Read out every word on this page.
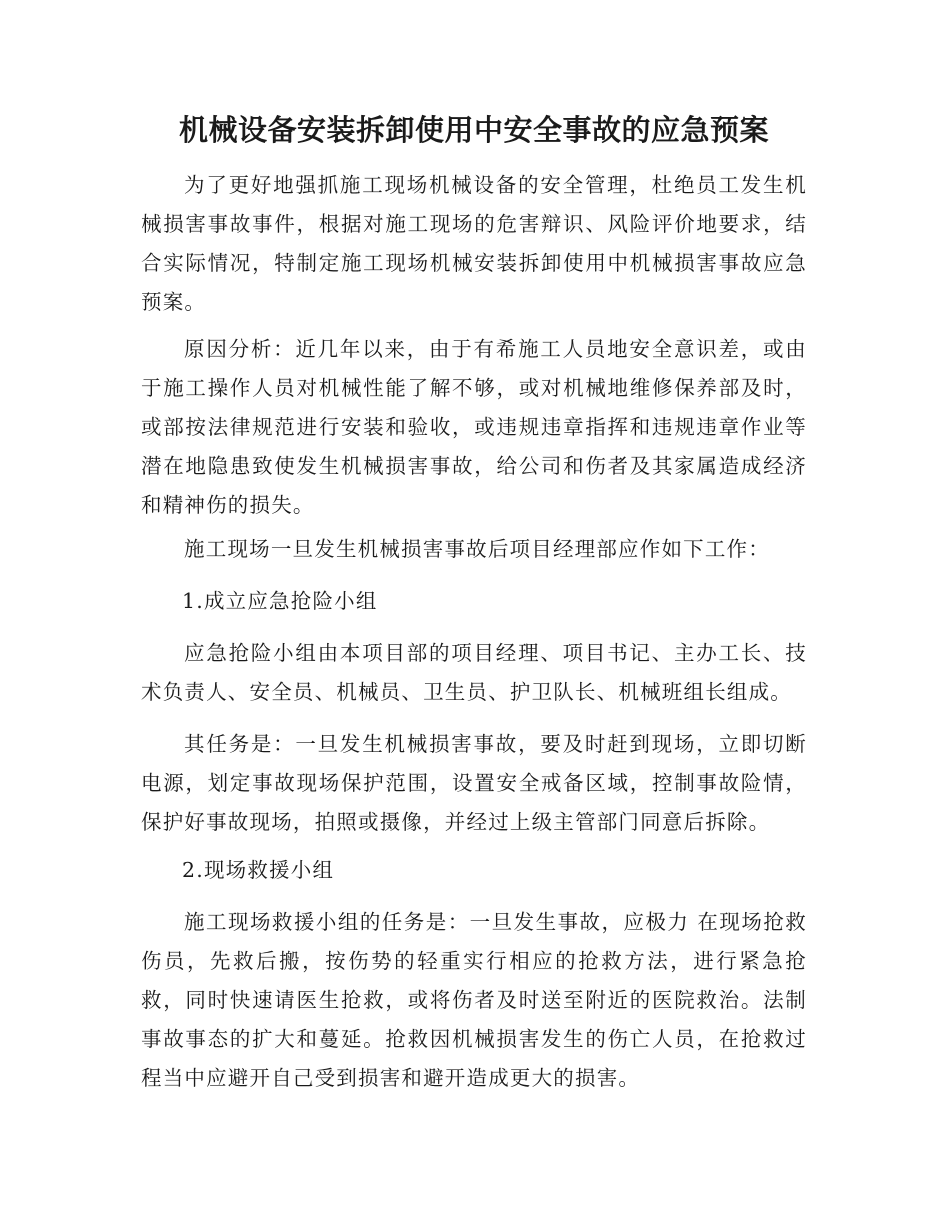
机械设备安装拆卸使用中安全事故的应急预案

为了更好地强抓施工现场机械设备的安全管理，杜绝员工发生机械损害事故事件，根据对施工现场的危害辩识、风险评价地要求，结合实际情况，特制定施工现场机械安装拆卸使用中机械损害事故应急预案。

原因分析：近几年以来，由于有希施工人员地安全意识差，或由于施工操作人员对机械性能了解不够，或对机械地维修保养部及时，或部按法律规范进行安装和验收，或违规违章指挥和违规违章作业等潜在地隐患致使发生机械损害事故，给公司和伤者及其家属造成经济和精神伤的损失。

施工现场一旦发生机械损害事故后项目经理部应作如下工作：

1.成立应急抢险小组

应急抢险小组由本项目部的项目经理、项目书记、主办工长、技术负责人、安全员、机械员、卫生员、护卫队长、机械班组长组成。

其任务是：一旦发生机械损害事故，要及时赶到现场，立即切断电源，划定事故现场保护范围，设置安全戒备区域，控制事故险情，保护好事故现场，拍照或摄像，并经过上级主管部门同意后拆除。

2.现场救援小组

施工现场救援小组的任务是：一旦发生事故，应极力 在现场抢救伤员，先救后搬，按伤势的轻重实行相应的抢救方法，进行紧急抢救，同时快速请医生抢救，或将伤者及时送至附近的医院救治。法制事故事态的扩大和蔓延。抢救因机械损害发生的伤亡人员，在抢救过程当中应避开自己受到损害和避开造成更大的损害。
